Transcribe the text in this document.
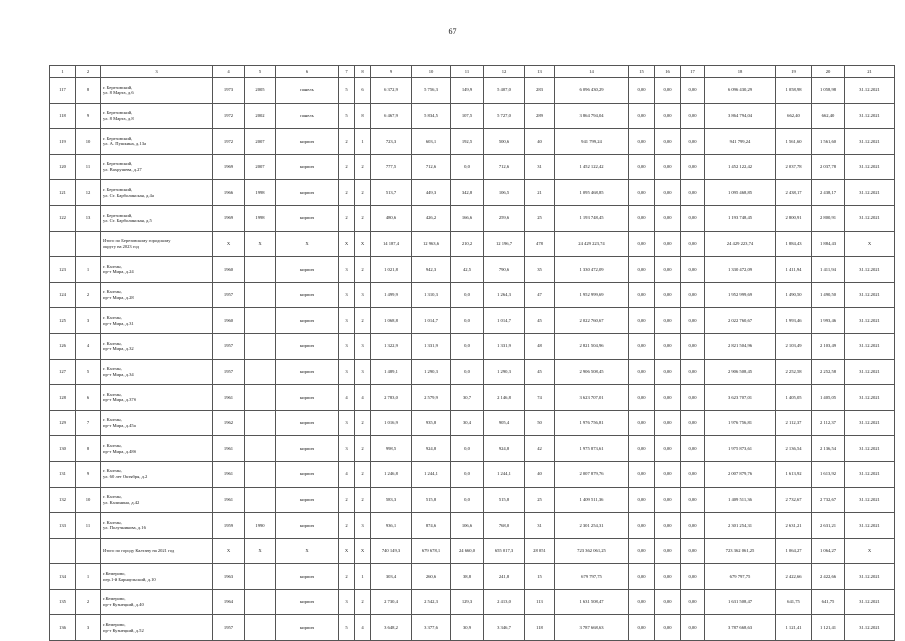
67
1	2	3	4	5	6	7	8	9	10	11	12	13	14	15	16	17	18	19	20	21
117	8	г. Березовский,
ул. 8 Марта, д.6	1973	2005	панель	5	6	6 372,9	5 756,3	149,9	5 407,0	283	6 096 430,29	0,00	0,00	0,00	6 096 430,29	1 058,98	1 058,98	31.12.2021
118	9	г. Березовский,
ул. 8 Марта, д.8	1972	2002	панель	5	8	6 467,9	5 834,5	107,5	5 727,0	289	3 864 794,04	0,00	0,00	0,00	3 864 794,04	662,40	662,40	31.12.2021
119	10	г. Березовский,
ул. А. Пушкина, д.13а	1972	2007	кирпич	2	1	723,3	603,1	192,5	500,6	40	941 799,24	0,00	0,00	0,00	941 799,24	1 561,60	1 561,60	31.12.2021
120	11	г. Березовский,
ул. Вахрушева, д.27	1969	2007	кирпич	2	2	777,5	712,6	0,0	712,6	31	1 452 122,42	0,00	0,00	0,00	1 452 122,42	2 037,78	2 037,78	31.12.2021
121	12	г. Березовский,
ул. Ст. Барболинская, д.4а	1966	1998	кирпич	2	2	513,7	449,3	342,8	106,5	21	1 095 468,85	0,00	0,00	0,00	1 095 468,85	2 438,17	2 438,17	31.12.2021
122	13	г. Березовский,
ул. Ст. Барболинская, д.5	1969	1998	кирпич	2	2	480,6	426,2	166,6	259,6	25	1 193 748,45	0,00	0,00	0,00	1 193 748,45	2 800,91	2 800,91	31.12.2021
		Итого по Березовскому городскому
округу на 2023 год	X	X	X	X	X	14 187,4	12 963,6	210,2	12 196,7	478	24 429 223,74	0,00	0,00	0,00	24 429 223,74	1 884,43	1 884,43	X
123	1	г. Калтан,
пр-т Мира, д.24	1960		кирпич	3	2	1 021,8	942,3	42,5	790,6	35	1 330 472,09	0,00	0,00	0,00	1 330 472,09	1 411,94	1 411,94	31.12.2021
124	2	г. Калтан,
пр-т Мира, д.28	1957		кирпич	3	3	1 499,9	1 310,3	0,0	1 264,3	47	1 952 999,69	0,00	0,00	0,00	1 952 999,69	1 490,50	1 490,50	31.12.2021
125	3	г. Калтан,
пр-т Мира, д.31	1960		кирпич	3	2	1 068,8	1 014,7	0,0	1 014,7	45	2 022 760,67	0,00	0,00	0,00	2 022 760,67	1 993,46	1 993,46	31.12.2021
126	4	г. Калтан,
пр-т Мира, д.32	1957		кирпич	3	3	1 322,9	1 331,9	0,0	1 331,9	48	2 821 504,96	0,00	0,00	0,00	2 821 504,96	2 103,49	2 103,49	31.12.2021
127	5	г. Калтан,
пр-т Мира, д.34	1957		кирпич	3	3	1 489,1	1 290,3	0,0	1 290,3	45	2 906 508,45	0,00	0,00	0,00	2 906 508,45	2 252,58	2 252,58	31.12.2021
128	6	г. Калтан,
пр-т Мира, д.37б	1961		кирпич	4	4	2 783,0	2 579,9	30,7	2 146,8	74	3 623 707,01	0,00	0,00	0,00	3 623 707,01	1 405,05	1 405,05	31.12.2021
129	7	г. Калтан,
пр-т Мира, д.45а	1962		кирпич	3	2	1 016,9	935,8	30,4	905,4	50	1 976 756,81	0,00	0,00	0,00	1 976 756,81	2 112,37	2 112,37	31.12.2021
130	8	г. Калтан,
пр-т Мира, д.48б	1961		кирпич	3	2	998,5	924,8	0,0	924,8	42	1 975 873,61	0,00	0,00	0,00	1 975 873,61	2 136,54	2 136,54	31.12.2021
131	9	г. Калтан,
ул. 60 лет Октября, д.2	1961		кирпич	4	2	1 246,8	1 244,1	0,0	1 244,1	40	2 007 879,76	0,00	0,00	0,00	2 007 879,76	1 613,92	1 613,92	31.12.2021
132	10	г. Калтан,
ул. Калинина, д.42	1961		кирпич	2	2	583,3	515,8	0,0	515,8	25	1 409 511,36	0,00	0,00	0,00	1 409 511,36	2 732,67	2 732,67	31.12.2021
133	11	г. Калтан,
ул. Получникова, д.16	1959	1990	кирпич	2	3	936,1	874,6	106,6	768,0	31	2 301 254,31	0,00	0,00	0,00	2 301 254,31	2 631,21	2 631,21	31.12.2021
		Итого по городу Калтану на 2021 год	X	X	X	X	X	740 149,3	679 678,1	24 660,0	655 017,3	28 051	723 362 061,25	0,00	0,00	0,00	723 362 061,25	1 064,27	1 064,27	X
134	1	г.Кемерово,
пер.1-й Барнаульский, д.10	1963		кирпич	2	1	303,4	260,6	38,8	241,8	15	679 797,75	0,00	0,00	0,00	679 797,75	2 422,66	2 422,66	31.12.2021
135	2	г.Кемерово,
пр-т Кузнецкий, д.40	1964		кирпич	3	2	2 730,4	2 542,3	129,3	2 413,0	113	1 631 508,47	0,00	0,00	0,00	1 631 508,47	641,75	641,75	31.12.2021
136	3	г.Кемерово,
пр-т Кузнецкий, д.52	1957		кирпич	5	4	3 648,2	3 377,6	30,9	3 346,7	118	3 787 668,63	0,00	0,00	0,00	3 787 668,63	1 121,41	1 121,41	31.12.2021
